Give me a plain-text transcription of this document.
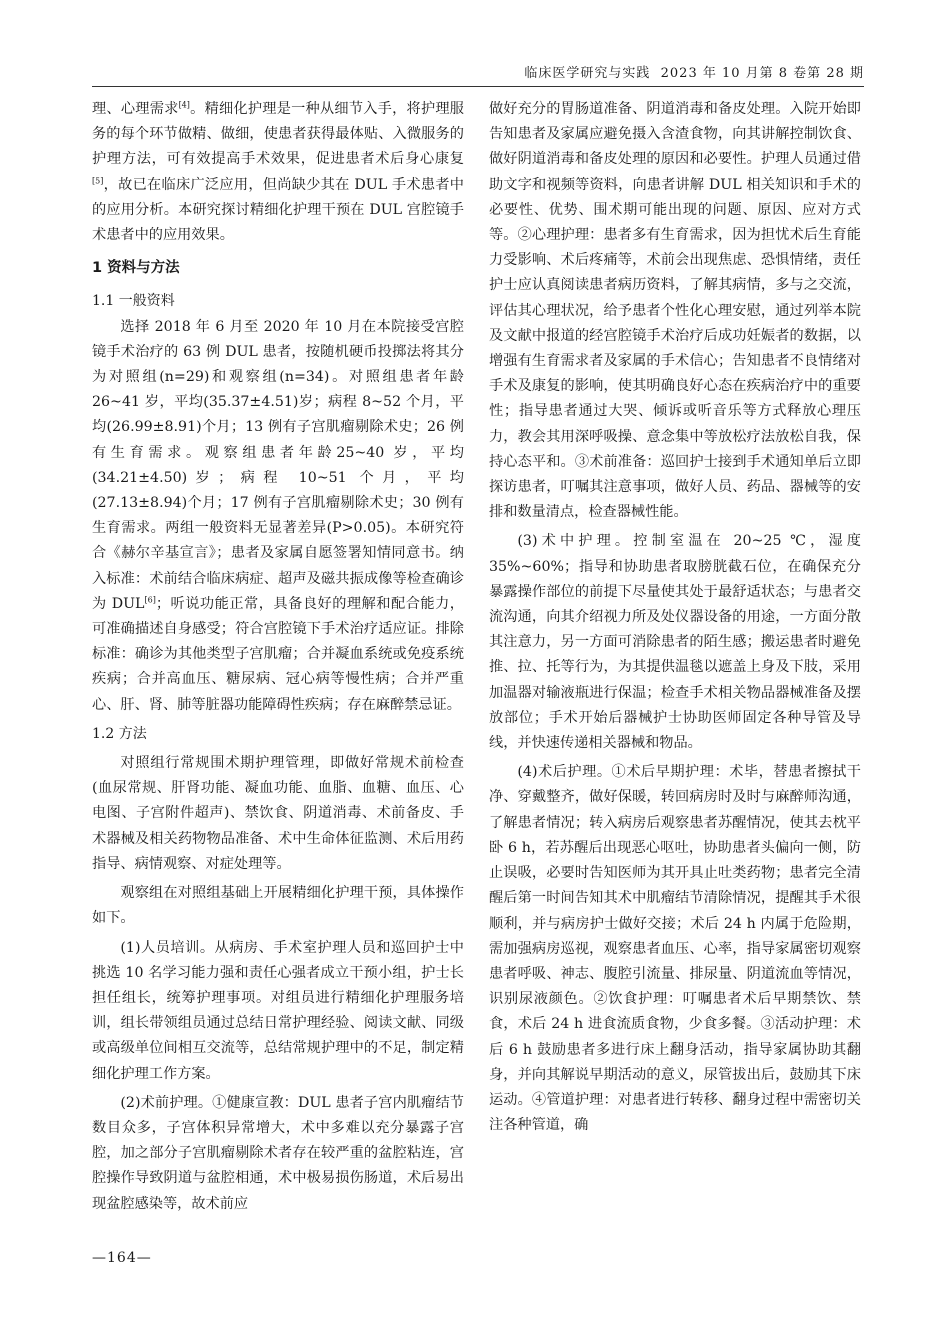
临床医学研究与实践 2023 年 10 月第 8 卷第 28 期

理、心理需求[4]。精细化护理是一种从细节入手，将护理服务的每个环节做精、做细，使患者获得最体贴、入微服务的护理方法，可有效提高手术效果，促进患者术后身心康复[5]，故已在临床广泛应用，但尚缺少其在 DUL 手术患者中的应用分析。本研究探讨精细化护理干预在 DUL 宫腔镜手术患者中的应用效果。

1 资料与方法
1.1 一般资料

选择 2018 年 6 月至 2020 年 10 月在本院接受宫腔镜手术治疗的 63 例 DUL 患者，按随机硬币投掷法将其分为对照组(n=29)和观察组(n=34)。对照组患者年龄 26~41 岁，平均(35.37±4.51)岁；病程 8~52 个月，平均(26.99±8.91)个月；13 例有子宫肌瘤剔除术史；26 例有生育需求。观察组患者年龄25~40 岁，平均(34.21±4.50)岁；病程 10~51 个月，平均(27.13±8.94)个月；17 例有子宫肌瘤剔除术史；30 例有生育需求。两组一般资料无显著差异(P>0.05)。本研究符合《赫尔辛基宣言》；患者及家属自愿签署知情同意书。纳入标准：术前结合临床病症、超声及磁共振成像等检查确诊为 DUL[6]；听说功能正常，具备良好的理解和配合能力，可准确描述自身感受；符合宫腔镜下手术治疗适应证。排除标准：确诊为其他类型子宫肌瘤；合并凝血系统或免疫系统疾病；合并高血压、糖尿病、冠心病等慢性病；合并严重心、肝、肾、肺等脏器功能障碍性疾病；存在麻醉禁忌证。

1.2 方法

对照组行常规围术期护理管理，即做好常规术前检查(血尿常规、肝肾功能、凝血功能、血脂、血糖、血压、心电图、子宫附件超声)、禁饮食、阴道消毒、术前备皮、手术器械及相关药物物品准备、术中生命体征监测、术后用药指导、病情观察、对症处理等。

观察组在对照组基础上开展精细化护理干预，具体操作如下。

(1)人员培训。从病房、手术室护理人员和巡回护士中挑选 10 名学习能力强和责任心强者成立干预小组，护士长担任组长，统筹护理事项。对组员进行精细化护理服务培训，组长带领组员通过总结日常护理经验、阅读文献、同级或高级单位间相互交流等，总结常规护理中的不足，制定精细化护理工作方案。

(2)术前护理。①健康宣教：DUL 患者子宫内肌瘤结节数目众多，子宫体积异常增大，术中多难以充分暴露子宫腔，加之部分子宫肌瘤剔除术者存在较严重的盆腔粘连，宫腔操作导致阴道与盆腔相通，术中极易损伤肠道，术后易出现盆腔感染等，故术前应

做好充分的胃肠道准备、阴道消毒和备皮处理。入院开始即告知患者及家属应避免摄入含渣食物，向其讲解控制饮食、做好阴道消毒和备皮处理的原因和必要性。护理人员通过借助文字和视频等资料，向患者讲解 DUL 相关知识和手术的必要性、优势、围术期可能出现的问题、原因、应对方式等。②心理护理：患者多有生育需求，因为担忧术后生育能力受影响、术后疼痛等，术前会出现焦虑、恐惧情绪，责任护士应认真阅读患者病历资料，了解其病情，多与之交流，评估其心理状况，给予患者个性化心理安慰，通过列举本院及文献中报道的经宫腔镜手术治疗后成功妊娠者的数据，以增强有生育需求者及家属的手术信心；告知患者不良情绪对手术及康复的影响，使其明确良好心态在疾病治疗中的重要性；指导患者通过大哭、倾诉或听音乐等方式释放心理压力，教会其用深呼吸操、意念集中等放松疗法放松自我，保持心态平和。③术前准备：巡回护士接到手术通知单后立即探访患者，叮嘱其注意事项，做好人员、药品、器械等的安排和数量清点，检查器械性能。

(3)术中护理。控制室温在 20~25 ℃，湿度 35%~60%；指导和协助患者取膀胱截石位，在确保充分暴露操作部位的前提下尽量使其处于最舒适状态；与患者交流沟通，向其介绍视力所及处仪器设备的用途，一方面分散其注意力，另一方面可消除患者的陌生感；搬运患者时避免推、拉、托等行为，为其提供温毯以遮盖上身及下肢，采用加温器对输液瓶进行保温；检查手术相关物品器械准备及摆放部位；手术开始后器械护士协助医师固定各种导管及导线，并快速传递相关器械和物品。

(4)术后护理。①术后早期护理：术毕，替患者擦拭干净、穿戴整齐，做好保暖，转回病房时及时与麻醉师沟通，了解患者情况；转入病房后观察患者苏醒情况，使其去枕平卧 6 h，若苏醒后出现恶心呕吐，协助患者头偏向一侧，防止误吸，必要时告知医师为其开具止吐类药物；患者完全清醒后第一时间告知其术中肌瘤结节清除情况，提醒其手术很顺利，并与病房护士做好交接；术后 24 h 内属于危险期，需加强病房巡视，观察患者血压、心率，指导家属密切观察患者呼吸、神志、腹腔引流量、排尿量、阴道流血等情况，识别尿液颜色。②饮食护理：叮嘱患者术后早期禁饮、禁食，术后 24 h 进食流质食物，少食多餐。③活动护理：术后 6 h 鼓励患者多进行床上翻身活动，指导家属协助其翻身，并向其解说早期活动的意义，尿管拔出后，鼓励其下床运动。④管道护理：对患者进行转移、翻身过程中需密切关注各种管道，确

—164—
